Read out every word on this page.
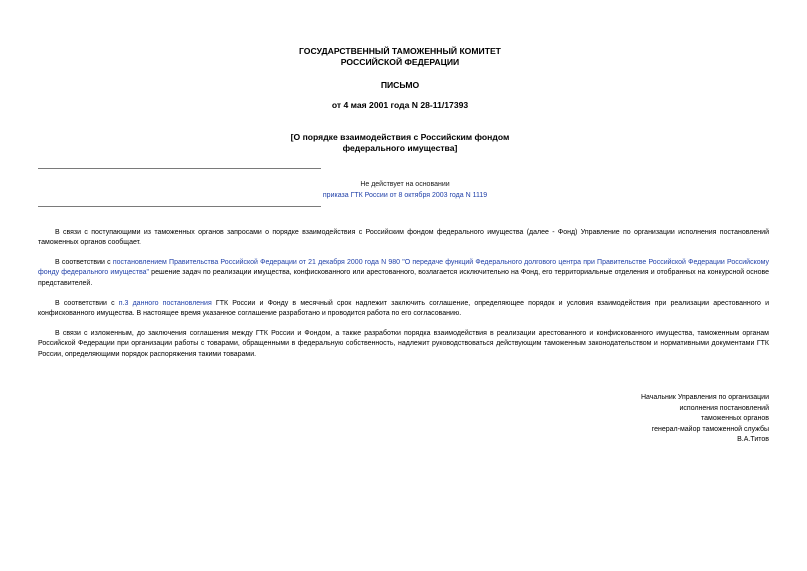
ГОСУДАРСТВЕННЫЙ ТАМОЖЕННЫЙ КОМИТЕТ
РОССИЙСКОЙ ФЕДЕРАЦИИ
ПИСЬМО
от 4 мая 2001 года N 28-11/17393
[О порядке взаимодействия с Российским фондом
федерального имущества]
Не действует на основании
приказа ГТК России от 8 октября 2003 года N 1119

В связи с поступающими из таможенных органов запросами о порядке взаимодействия с Российским фондом федерального имущества (далее - Фонд) Управление по организации исполнения постановлений таможенных органов сообщает.

В соответствии с постановлением Правительства Российской Федерации от 21 декабря 2000 года N 980 "О передаче функций Федерального долгового центра при Правительстве Российской Федерации Российскому фонду федерального имущества" решение задач по реализации имущества, конфискованного или арестованного, возлагается исключительно на Фонд, его территориальные отделения и отобранных на конкурсной основе представителей.

В соответствии с п.3 данного постановления ГТК России и Фонду в месячный срок надлежит заключить соглашение, определяющее порядок и условия взаимодействия при реализации арестованного и конфискованного имущества. В настоящее время указанное соглашение разработано и проводится работа по его согласованию.

В связи с изложенным, до заключения соглашения между ГТК России и Фондом, а также разработки порядка взаимодействия в реализации арестованного и конфискованного имущества, таможенным органам Российской Федерации при организации работы с товарами, обращенными в федеральную собственность, надлежит руководствоваться действующим таможенным законодательством и нормативными документами ГТК России, определяющими порядок распоряжения такими товарами.

Начальник Управления по организации
исполнения постановлений
таможенных органов
генерал-майор таможенной службы
В.А.Титов
